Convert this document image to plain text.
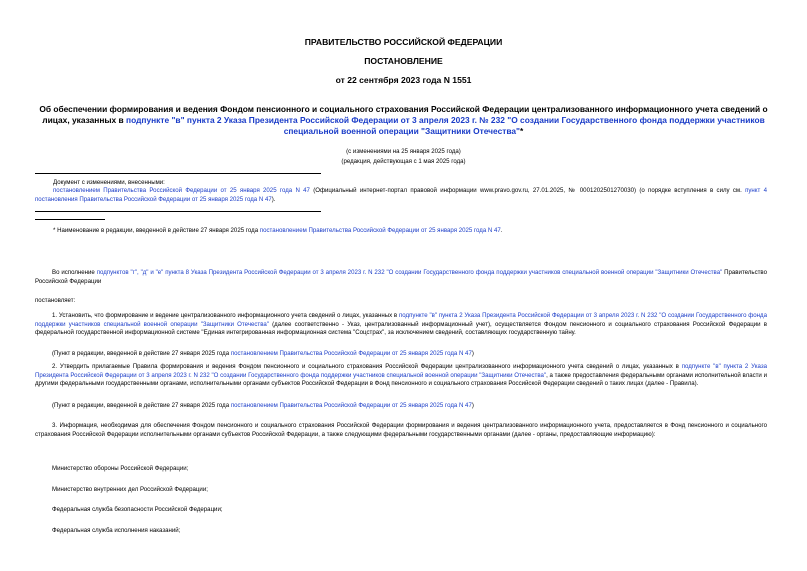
ПРАВИТЕЛЬСТВО РОССИЙСКОЙ ФЕДЕРАЦИИ
ПОСТАНОВЛЕНИЕ
от 22 сентября 2023 года N 1551
Об обеспечении формирования и ведения Фондом пенсионного и социального страхования Российской Федерации централизованного информационного учета сведений о лицах, указанных в подпункте "в" пункта 2 Указа Президента Российской Федерации от 3 апреля 2023 г. № 232 "О создании Государственного фонда поддержки участников специальной военной операции "Защитники Отечества"*
(с изменениями на 25 января 2025 года)
(редакция, действующая с 1 мая 2025 года)
Документ с изменениями, внесенными:
постановлением Правительства Российской Федерации от 25 января 2025 года N 47 (Официальный интернет-портал правовой информации www.pravo.gov.ru, 27.01.2025, № 0001202501270030) (о порядке вступления в силу см. пункт 4 постановления Правительства Российской Федерации от 25 января 2025 года N 47).
* Наименование в редакции, введенной в действие 27 января 2025 года постановлением Правительства Российской Федерации от 25 января 2025 года N 47.
Во исполнение подпунктов "г", "д" и "е" пункта 8 Указа Президента Российской Федерации от 3 апреля 2023 г. N 232 "О создании Государственного фонда поддержки участников специальной военной операции "Защитники Отечества" Правительство Российской Федерации
постановляет:
1. Установить, что формирование и ведение централизованного информационного учета сведений о лицах, указанных в подпункте "в" пункта 2 Указа Президента Российской Федерации от 3 апреля 2023 г. N 232 "О создании Государственного фонда поддержки участников специальной военной операции "Защитники Отечества" (далее соответственно - Указ, централизованный информационный учет), осуществляется Фондом пенсионного и социального страхования Российской Федерации в федеральной государственной информационной системе "Единая интегрированная информационная система "Соцстрах", за исключением сведений, составляющих государственную тайну.
(Пункт в редакции, введенной в действие 27 января 2025 года постановлением Правительства Российской Федерации от 25 января 2025 года N 47)
2. Утвердить прилагаемые Правила формирования и ведения Фондом пенсионного и социального страхования Российской Федерации централизованного информационного учета сведений о лицах, указанных в подпункте "в" пункта 2 Указа Президента Российской Федерации от 3 апреля 2023 г. N 232 "О создании Государственного фонда поддержки участников специальной военной операции "Защитники Отечества", а также предоставления федеральными органами исполнительной власти и другими федеральными государственными органами, исполнительными органами субъектов Российской Федерации в Фонд пенсионного и социального страхования Российской Федерации сведений о таких лицах (далее - Правила).
(Пункт в редакции, введенной в действие 27 января 2025 года постановлением Правительства Российской Федерации от 25 января 2025 года N 47)
3. Информация, необходимая для обеспечения Фондом пенсионного и социального страхования Российской Федерации формирования и ведения централизованного информационного учета, предоставляется в Фонд пенсионного и социального страхования Российской Федерации исполнительными органами субъектов Российской Федерации, а также следующими федеральными государственными органами (далее - органы, предоставляющие информацию):
Министерство обороны Российской Федерации;
Министерство внутренних дел Российской Федерации;
Федеральная служба безопасности Российской Федерации;
Федеральная служба исполнения наказаний;
